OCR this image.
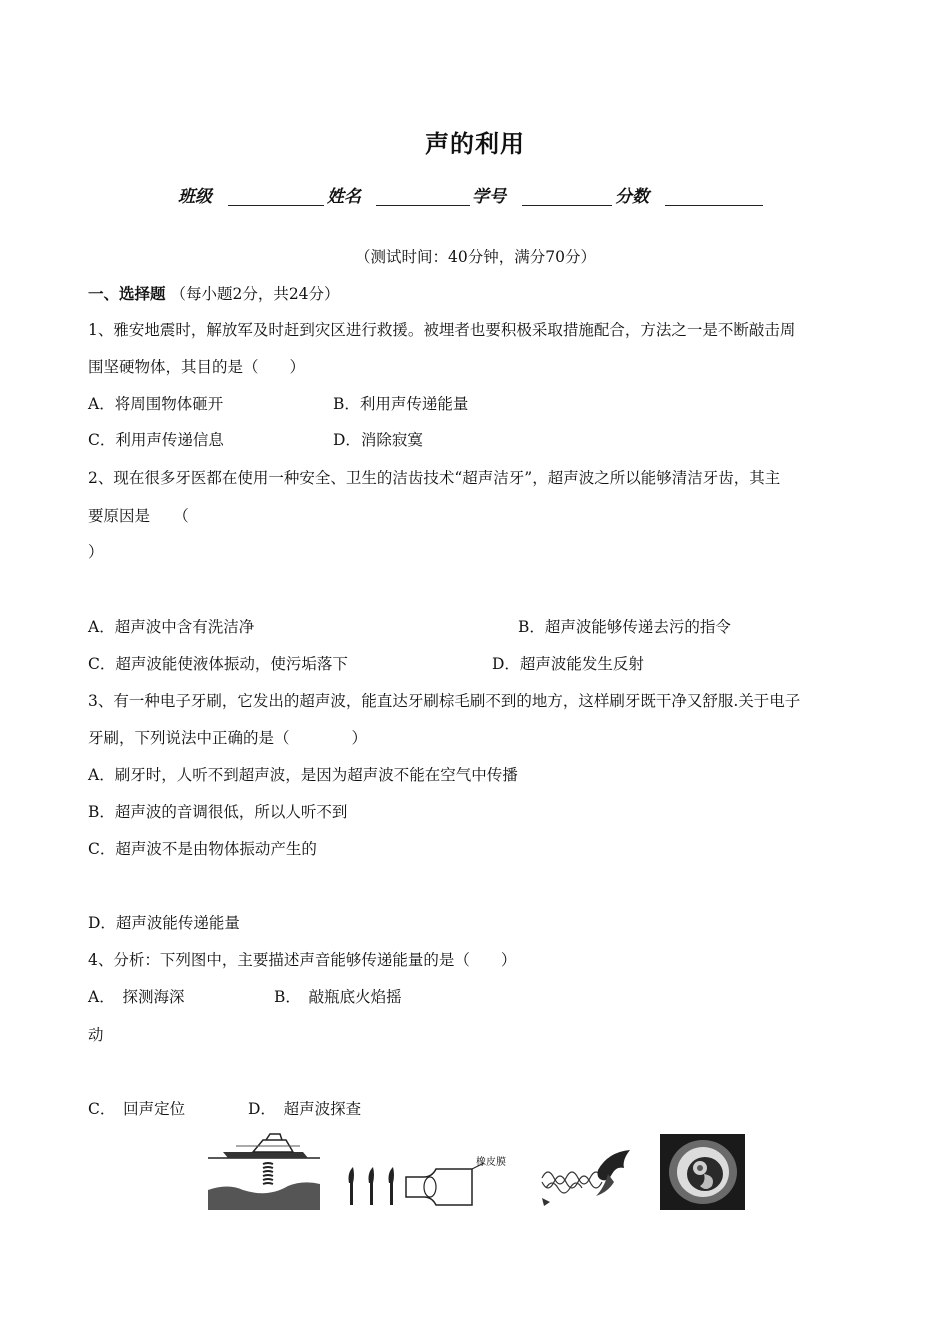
声的利用
班级	姓名	学号	分数
（测试时间：40分钟，满分70分）
一、选择题 （每小题2分，共24分）
1、雅安地震时，解放军及时赶到灾区进行救援。被埋者也要积极采取措施配合，方法之一是不断敲击周
围坚硬物体，其目的是（　　）
A．将周围物体砸开	B．利用声传递能量
C．利用声传递信息	D．消除寂寞
2、现在很多牙医都在使用一种安全、卫生的洁齿技术“超声洁牙”，超声波之所以能够清洁牙齿，其主
要原因是　　（
）
A．超声波中含有洗洁净	B．超声波能够传递去污的指令
C．超声波能使液体振动，使污垢落下	D．超声波能发生反射
3、有一种电子牙刷，它发出的超声波，能直达牙刷棕毛刷不到的地方，这样刷牙既干净又舒服.关于电子
牙刷，下列说法中正确的是（　　　　）
A．刷牙时，人听不到超声波，是因为超声波不能在空气中传播
B．超声波的音调很低，所以人听不到
C．超声波不是由物体振动产生的
D．超声波能传递能量
4、分析：下列图中，主要描述声音能够传递能量的是（　　）
A．　探测海深	B．　敲瓶底火焰摇
动
C．　回声定位	D．　超声波探查
橡皮膜
